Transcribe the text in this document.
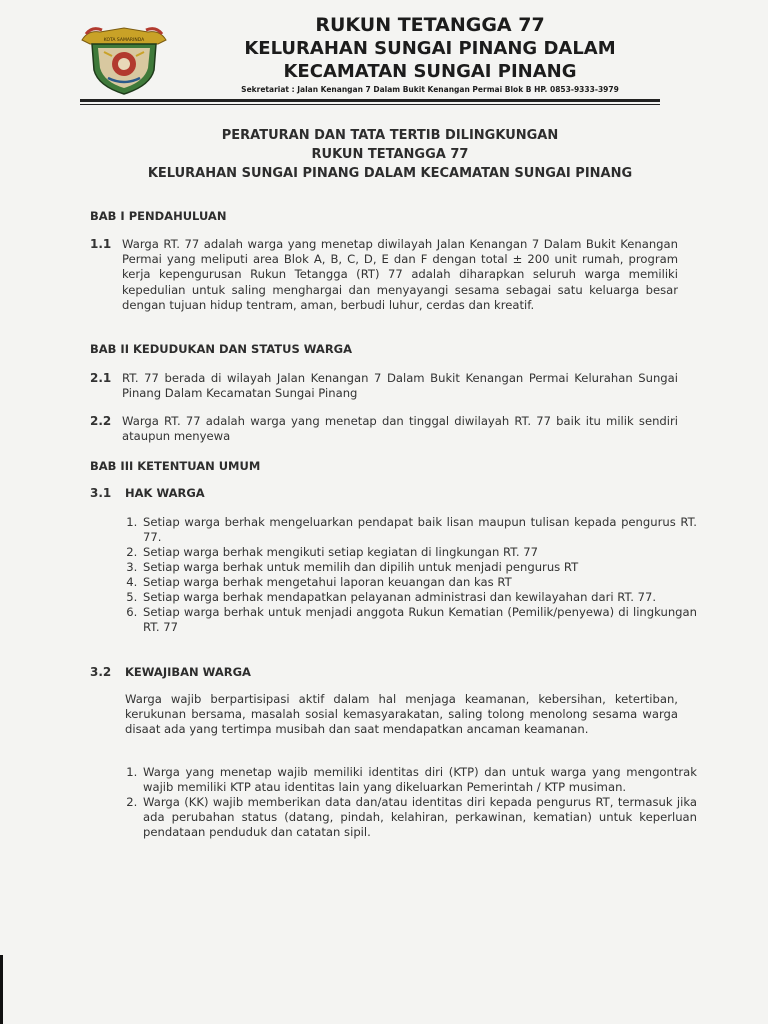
KOTA SAMARINDA
RUKUN TETANGGA 77
KELURAHAN SUNGAI PINANG DALAM
KECAMATAN SUNGAI PINANG
Sekretariat : Jalan Kenangan 7 Dalam Bukit Kenangan Permai Blok B HP. 0853-9333-3979
PERATURAN DAN TATA TERTIB DILINGKUNGAN
RUKUN TETANGGA 77
KELURAHAN SUNGAI PINANG DALAM KECAMATAN SUNGAI PINANG
BAB I PENDAHULUAN
1.1 Warga RT. 77 adalah warga yang menetap diwilayah Jalan Kenangan 7 Dalam Bukit Kenangan Permai yang meliputi area Blok A, B, C, D, E dan F dengan total ± 200 unit rumah, program kerja kepengurusan Rukun Tetangga (RT) 77 adalah diharapkan seluruh warga memiliki kepedulian untuk saling menghargai dan menyayangi sesama sebagai satu keluarga besar dengan tujuan hidup tentram, aman, berbudi luhur, cerdas dan kreatif.
BAB II KEDUDUKAN DAN STATUS WARGA
2.1 RT. 77 berada di wilayah Jalan Kenangan 7 Dalam Bukit Kenangan Permai Kelurahan Sungai Pinang Dalam Kecamatan Sungai Pinang
2.2 Warga RT. 77 adalah warga yang menetap dan tinggal diwilayah RT. 77 baik itu milik sendiri ataupun menyewa
BAB III KETENTUAN UMUM
3.1 HAK WARGA
1. Setiap warga berhak mengeluarkan pendapat baik lisan maupun tulisan kepada pengurus RT. 77.
2. Setiap warga berhak mengikuti setiap kegiatan di lingkungan RT. 77
3. Setiap warga berhak untuk memilih dan dipilih untuk menjadi pengurus RT
4. Setiap warga berhak mengetahui laporan keuangan dan kas RT
5. Setiap warga berhak mendapatkan pelayanan administrasi dan kewilayahan dari RT. 77.
6. Setiap warga berhak untuk menjadi anggota Rukun Kematian (Pemilik/penyewa) di lingkungan RT. 77
3.2 KEWAJIBAN WARGA
Warga wajib berpartisipasi aktif dalam hal menjaga keamanan, kebersihan, ketertiban, kerukunan bersama, masalah sosial kemasyarakatan, saling tolong menolong sesama warga disaat ada yang tertimpa musibah dan saat mendapatkan ancaman keamanan.
1. Warga yang menetap wajib memiliki identitas diri (KTP) dan untuk warga yang mengontrak wajib memiliki KTP atau identitas lain yang dikeluarkan Pemerintah / KTP musiman.
2. Warga (KK) wajib memberikan data dan/atau identitas diri kepada pengurus RT, termasuk jika ada perubahan status (datang, pindah, kelahiran, perkawinan, kematian) untuk keperluan pendataan penduduk dan catatan sipil.
